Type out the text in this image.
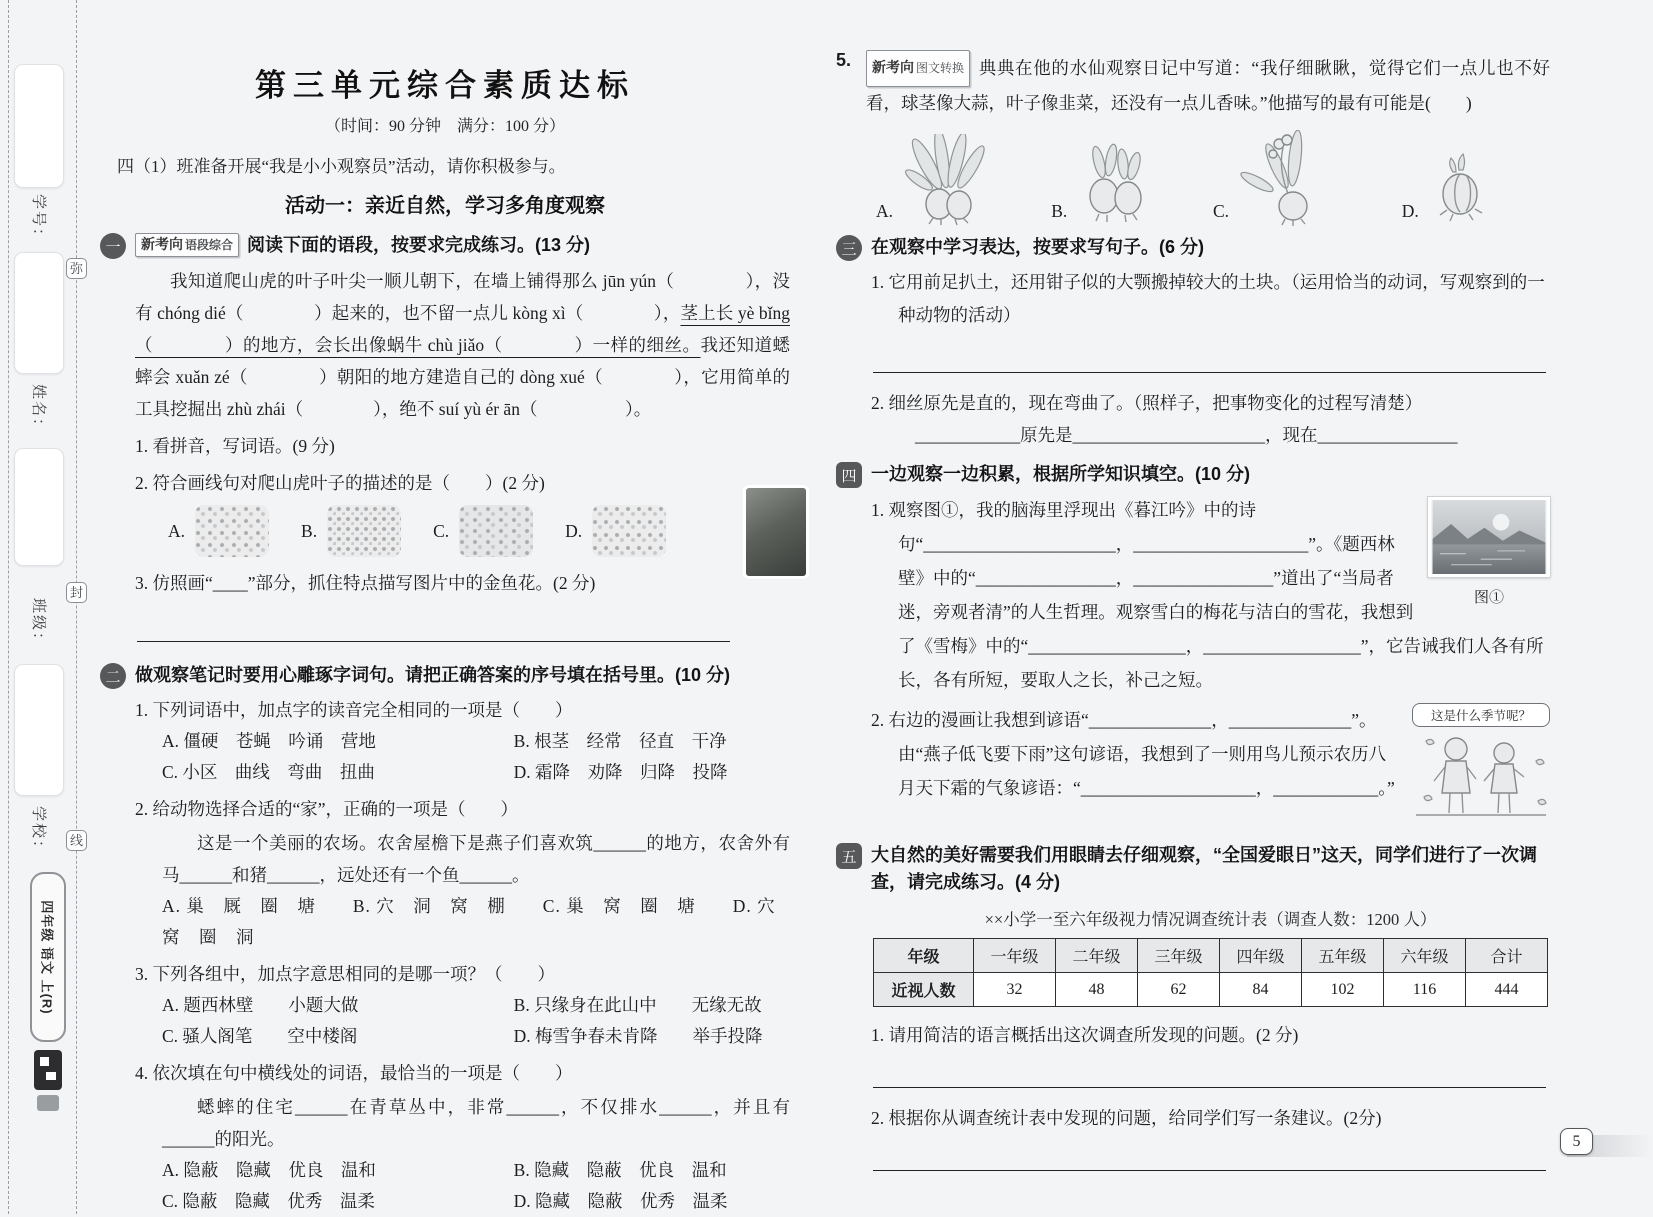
学号：
姓名：
班级：
学校：
弥
封
线
四年级 语文 上(R)
第三单元综合素质达标
（时间：90 分钟　满分：100 分）
四（1）班准备开展“我是小小观察员”活动，请你积极参与。
活动一：亲近自然，学习多角度观察
一	新考向 语段综合 阅读下面的语段，按要求完成练习。(13 分)

我知道爬山虎的叶子叶尖一顺儿朝下，在墙上铺得那么 jūn yún（　　　　），没有 chóng dié（　　　　）起来的，也不留一点儿 kòng xì（　　　　），茎上长 yè bǐng（　　　　）的地方，会长出像蜗牛 chù jiǎo（　　　　）一样的细丝。我还知道蟋蟀会 xuǎn zé（　　　　）朝阳的地方建造自己的 dòng xué（　　　　），它用简单的工具挖掘出 zhù zhái（　　　　），绝不 suí yù ér ān（　　　　　）。

1. 看拼音，写词语。(9 分)
2. 符合画线句对爬山虎叶子的描述的是（　　）(2 分)
A.	B.	C.	D.
3. 仿照画“____”部分，抓住特点描写图片中的金鱼花。(2 分)
二 做观察笔记时要用心雕琢字词句。请把正确答案的序号填在括号里。(10 分)
1. 下列词语中，加点字的读音完全相同的一项是（　　）
A. 僵硬　苍蝇　吟诵　营地	B. 根茎　经常　径直　干净
C. 小区　曲线　弯曲　扭曲	D. 霜降　劝降　归降　投降
2. 给动物选择合适的“家”，正确的一项是（　　）
这是一个美丽的农场。农舍屋檐下是燕子们喜欢筑______的地方，农舍外有马______和猪______，远处还有一个鱼______。
A. 巢　厩　圈　塘　　B. 穴　洞　窝　棚　　C. 巢　窝　圈　塘　　D. 穴　窝　圈　洞
3. 下列各组中，加点字意思相同的是哪一项？（　　）
A. 题西林壁　　小题大做	B. 只缘身在此山中　　无缘无故
C. 骚人阁笔　　空中楼阁	D. 梅雪争春未肯降　　举手投降
4. 依次填在句中横线处的词语，最恰当的一项是（　　）
蟋蟀的住宅______在青草丛中，非常______，不仅排水______，并且有______的阳光。
A. 隐蔽　隐藏　优良　温和	B. 隐藏　隐蔽　优良　温和
C. 隐蔽　隐藏　优秀　温柔	D. 隐藏　隐蔽　优秀　温柔
5.	新考向 图文转换 典典在他的水仙观察日记中写道：“我仔细瞅瞅，觉得它们一点儿也不好看，球茎像大蒜，叶子像韭菜，还没有一点儿香味。”他描写的最有可能是(　　)
A.	B.	C.	D.
三 在观察中学习表达，按要求写句子。(6 分)
1. 它用前足扒土，还用钳子似的大颚搬掉较大的土块。（运用恰当的动词，写观察到的一种动物的活动）
2. 细丝原先是直的，现在弯曲了。（照样子，把事物变化的过程写清楚）
____________原先是______________________，现在________________
四 一边观察一边积累，根据所学知识填空。(10 分)
图①
1. 观察图①，我的脑海里浮现出《暮江吟》中的诗句“______________________，____________________”。《题西林壁》中的“________________，________________”道出了“当局者迷，旁观者清”的人生哲理。观察雪白的梅花与洁白的雪花，我想到了《雪梅》中的“__________________，__________________”，它告诫我们人各有所长，各有所短，要取人之长，补己之短。
这是什么季节呢？
2. 右边的漫画让我想到谚语“______________，______________”。由“燕子低飞要下雨”这句谚语，我想到了一则用鸟儿预示农历八月天下霜的气象谚语：“____________________，____________。”
五 大自然的美好需要我们用眼睛去仔细观察，“全国爱眼日”这天，同学们进行了一次调查，请完成练习。(4 分)
××小学一至六年级视力情况调查统计表（调查人数：1200 人）
年级	一年级	二年级	三年级	四年级	五年级	六年级	合计
近视人数	32	48	62	84	102	116	444
1. 请用简洁的语言概括出这次调查所发现的问题。(2 分)
2. 根据你从调查统计表中发现的问题，给同学们写一条建议。(2分)
5
